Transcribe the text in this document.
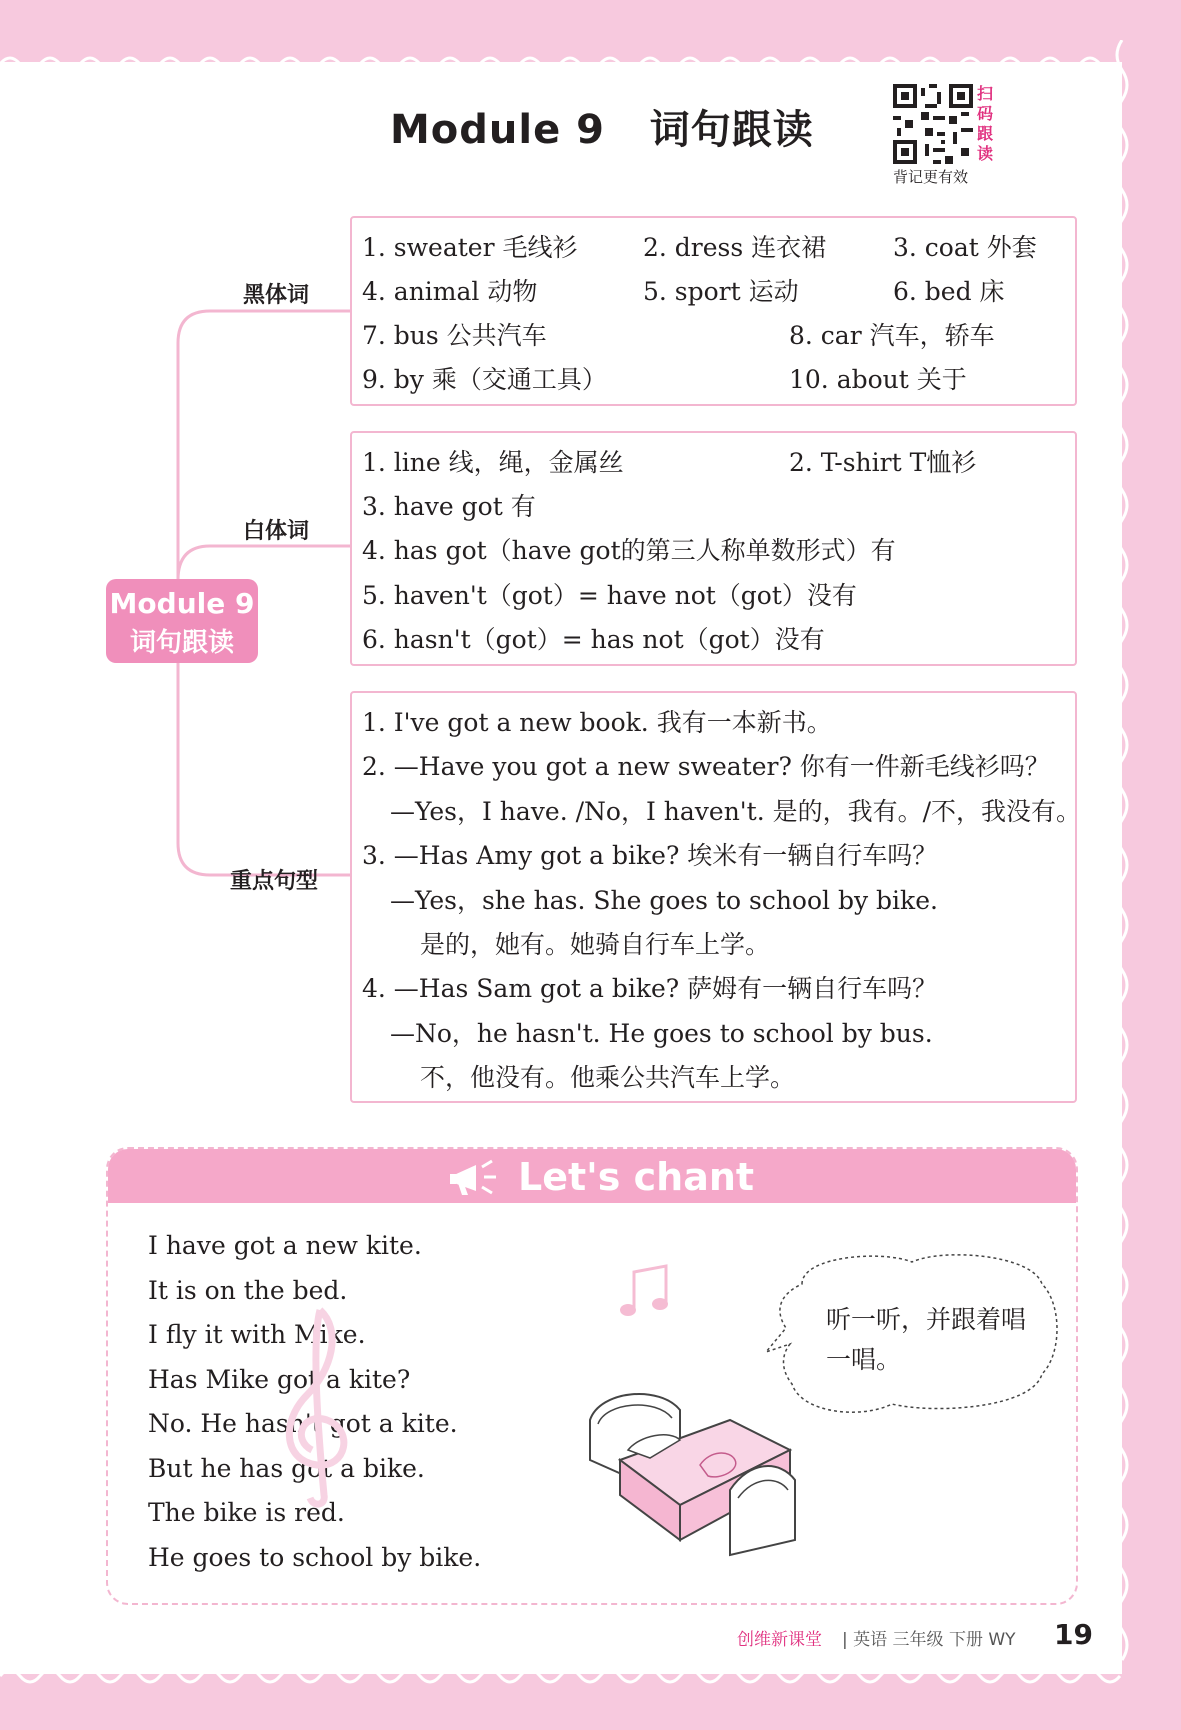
Module 9   词句跟读
扫码跟读
背记更有效
黑体词
白体词
重点句型
Module 9
词句跟读
1. sweater 毛线衫	2. dress 连衣裙	3. coat 外套
4. animal 动物	5. sport 运动	6. bed 床
7. bus 公共汽车	8. car 汽车，轿车
9. by 乘（交通工具）	10. about 关于
1. line 线，绳，金属丝	2. T-shirt T恤衫
3. have got 有
4. has got（have got的第三人称单数形式）有
5. haven't（got）= have not（got）没有
6. hasn't（got）= has not（got）没有
1. I've got a new book. 我有一本新书。
2. —Have you got a new sweater? 你有一件新毛线衫吗？
—Yes，I have. /No，I haven't. 是的，我有。/不，我没有。
3. —Has Amy got a bike? 埃米有一辆自行车吗？
—Yes，she has. She goes to school by bike.
是的，她有。她骑自行车上学。
4. —Has Sam got a bike? 萨姆有一辆自行车吗？
—No，he hasn't. He goes to school by bus.
不，他没有。他乘公共汽车上学。
Let's chant
I have got a new kite.
It is on the bed.
I fly it with Mike.
Has Mike got a kite?
No. He hasn't got a kite.
But he has got a bike.
The bike is red.
He goes to school by bike.
听一听，并跟着唱一唱。
创维新课堂 | 英语 三年级 下册 WY 19
